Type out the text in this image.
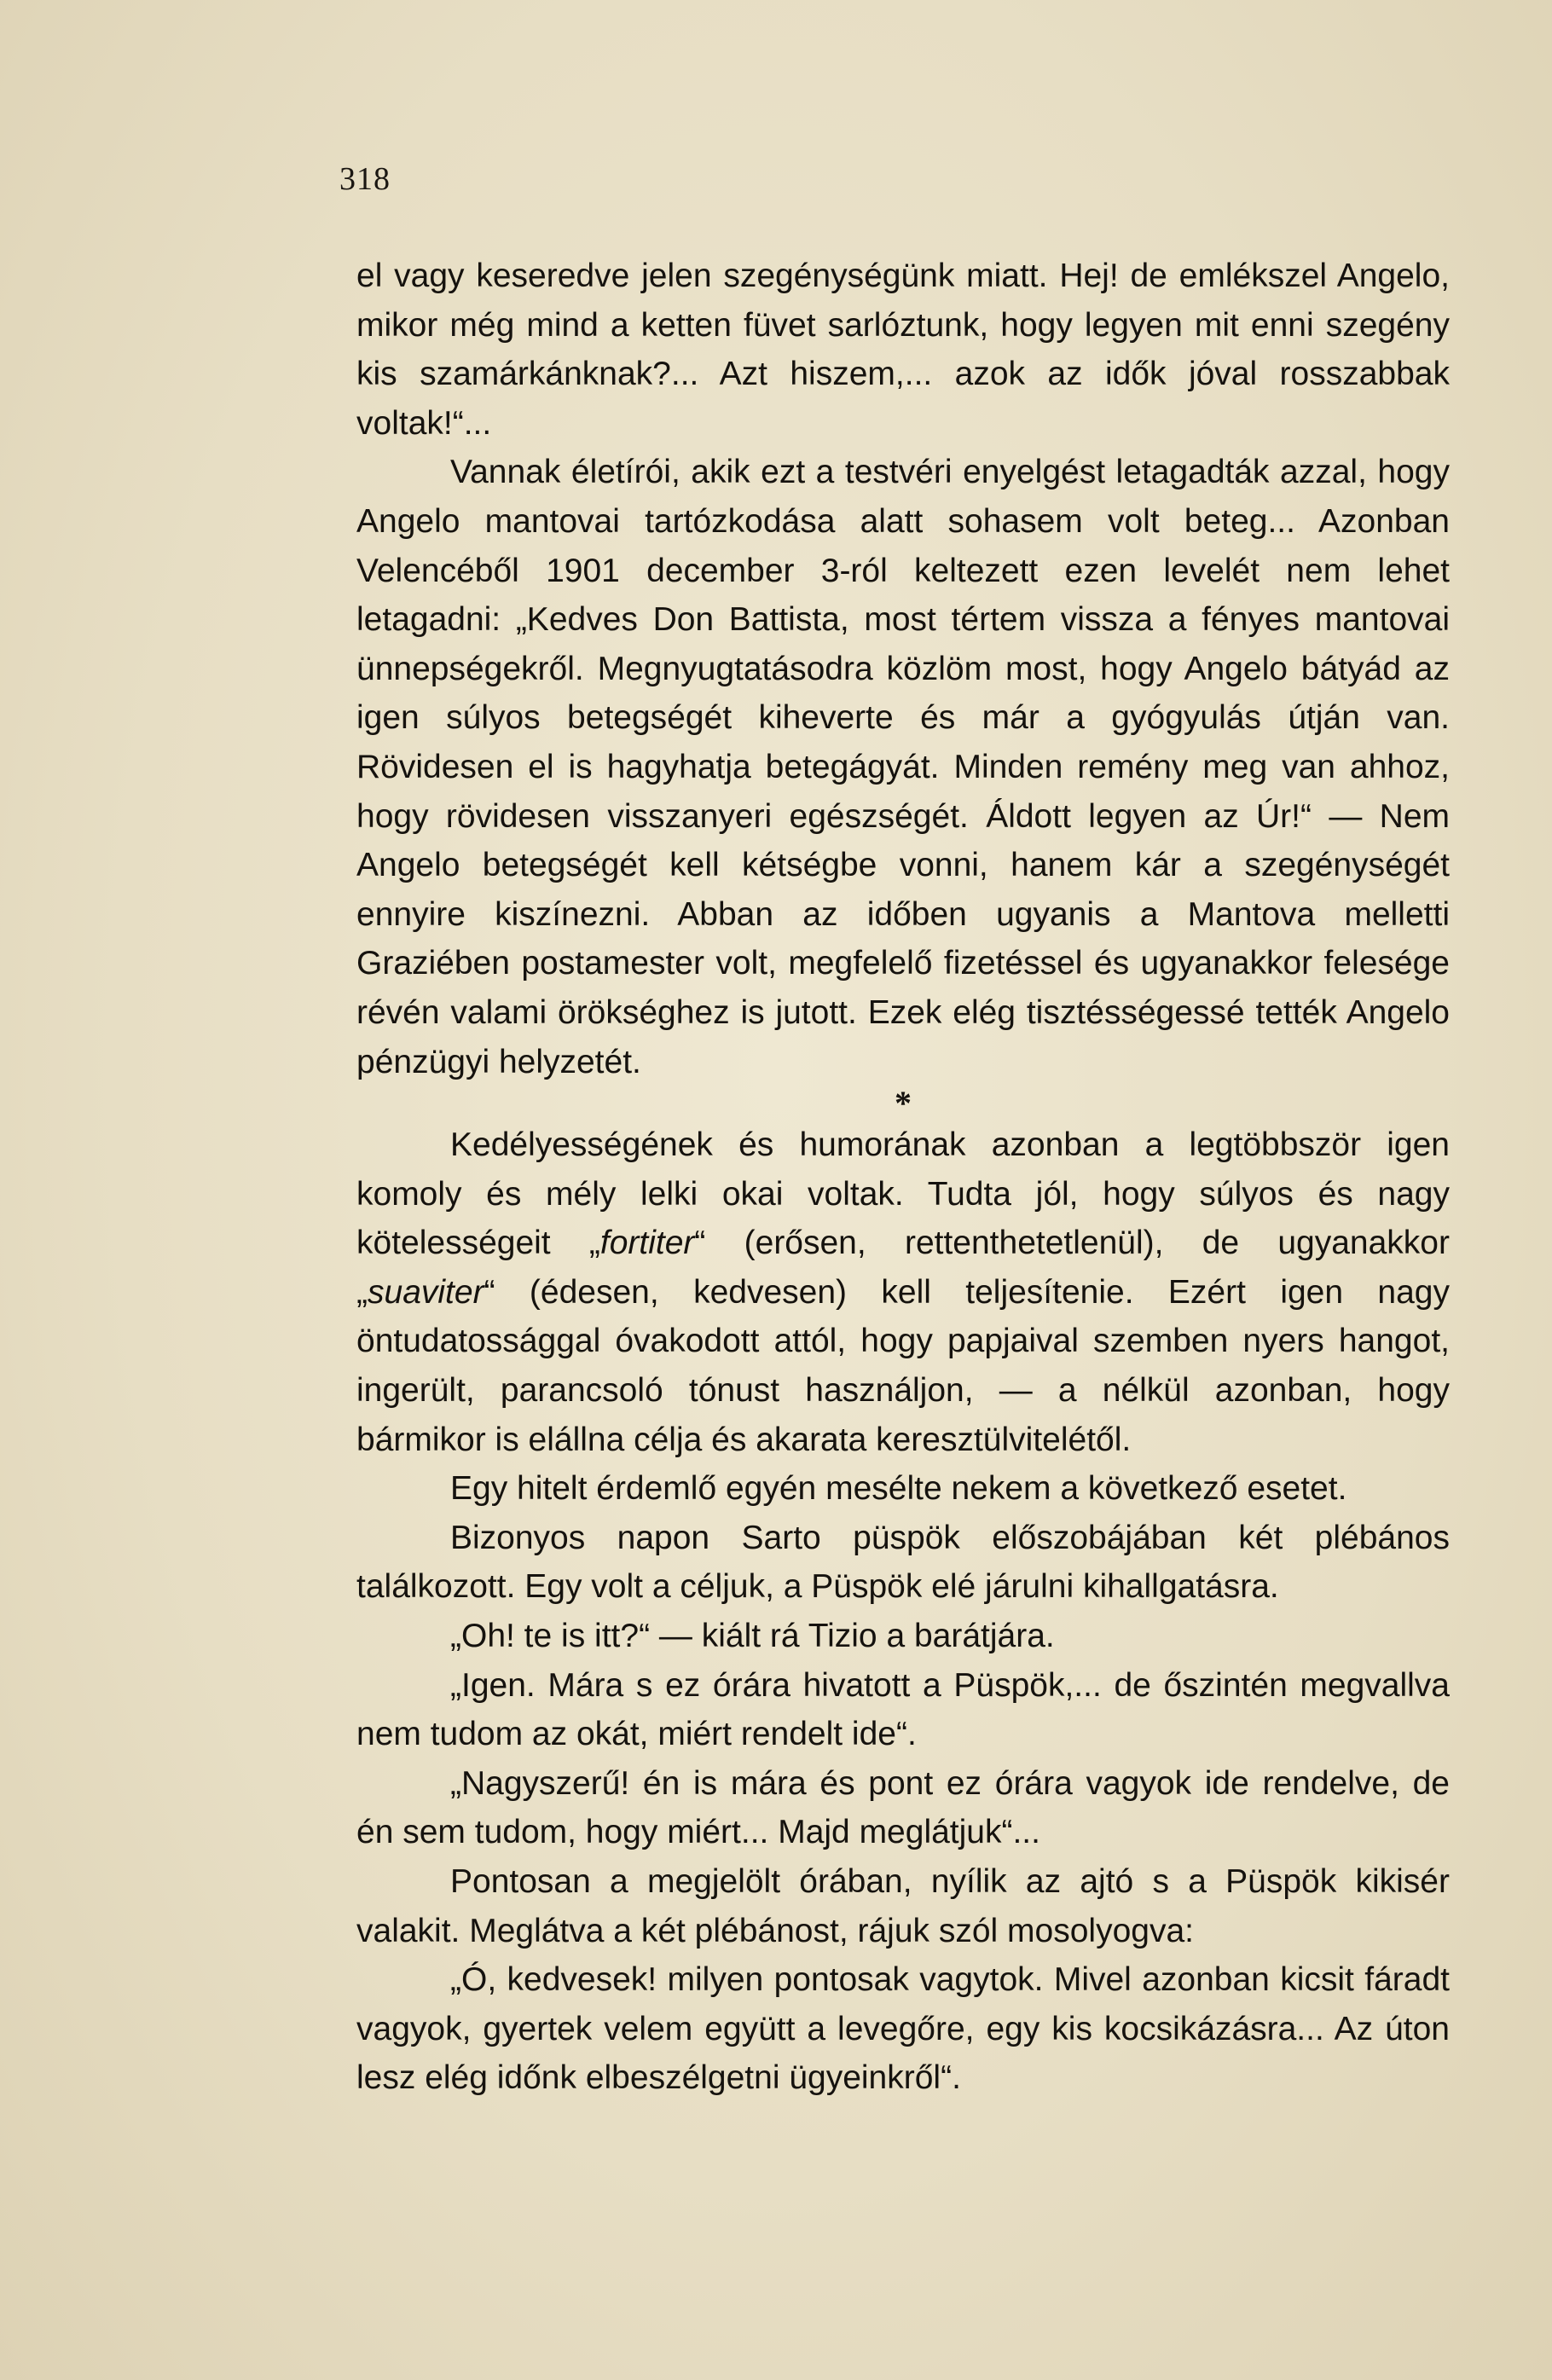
318

el vagy keseredve jelen szegénységünk miatt. Hej! de emlékszel Angelo, mikor még mind a ketten füvet sarlóztunk, hogy legyen mit enni szegény kis szamárkánknak?... Azt hiszem,... azok az idők jóval rosszabbak voltak!“...

Vannak életírói, akik ezt a testvéri enyelgést letagadták azzal, hogy Angelo mantovai tartózkodása alatt sohasem volt beteg... Azonban Velencéből 1901 december 3-ról keltezett ezen levelét nem lehet letagadni: „Kedves Don Battista, most tértem vissza a fényes mantovai ünnepségekről. Megnyugtatásodra közlöm most, hogy Angelo bátyád az igen súlyos betegségét kiheverte és már a gyógyulás útján van. Rövidesen el is hagyhatja betegágyát. Minden remény meg van ahhoz, hogy rövidesen visszanyeri egészségét. Áldott legyen az Úr!“ — Nem Angelo betegségét kell kétségbe vonni, hanem kár a szegénységét ennyire kiszínezni. Abban az időben ugyanis a Mantova melletti Graziében postamester volt, megfelelő fizetéssel és ugyanakkor felesége révén valami örökséghez is jutott. Ezek elég tisztésségessé tették Angelo pénzügyi helyzetét.

*

Kedélyességének és humorának azonban a legtöbbször igen komoly és mély lelki okai voltak. Tudta jól, hogy súlyos és nagy kötelességeit „fortiter“ (erősen, rettenthetetlenül), de ugyanakkor „suaviter“ (édesen, kedvesen) kell teljesítenie. Ezért igen nagy öntudatossággal óvakodott attól, hogy papjaival szemben nyers hangot, ingerült, parancsoló tónust használjon, — a nélkül azonban, hogy bármikor is elállna célja és akarata keresztülvitelétől.

Egy hitelt érdemlő egyén mesélte nekem a következő esetet.

Bizonyos napon Sarto püspök előszobájában két plébános találkozott. Egy volt a céljuk, a Püspök elé járulni kihallgatásra.

„Oh! te is itt?“ — kiált rá Tizio a barátjára.

„Igen. Mára s ez órára hivatott a Püspök,... de őszintén megvallva nem tudom az okát, miért rendelt ide“.

„Nagyszerű! én is mára és pont ez órára vagyok ide rendelve, de én sem tudom, hogy miért... Majd meglátjuk“...

Pontosan a megjelölt órában, nyílik az ajtó s a Püspök kikisér valakit. Meglátva a két plébánost, rájuk szól mosolyogva:

„Ó, kedvesek! milyen pontosak vagytok. Mivel azonban kicsit fáradt vagyok, gyertek velem együtt a levegőre, egy kis kocsikázásra... Az úton lesz elég időnk elbeszélgetni ügyeinkről“.
